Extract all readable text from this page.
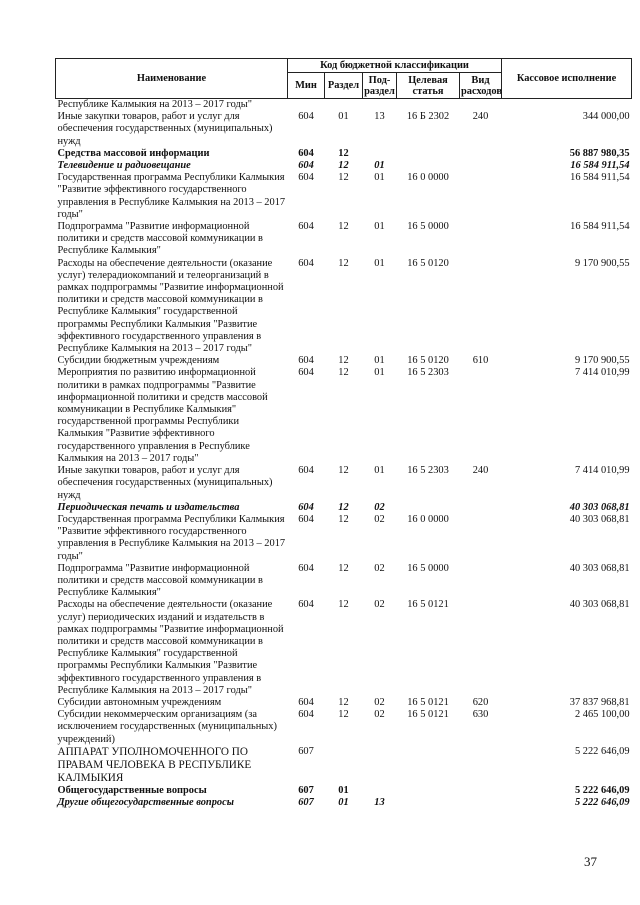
Наименование	Код бюджетной классификации					Кассовое исполнение
	Мин	Раздел	Под-раздел	Целевая статья	Вид расходов	
Республике Калмыкия на 2013 – 2017 годы"						
Иные закупки товаров, работ и услуг для обеспечения государственных (муниципальных) нужд	604	01	13	16 Б 2302	240	344 000,00
Средства массовой информации	604	12				56 887 980,35
Телевидение и радиовещание	604	12	01			16 584 911,54
Государственная программа Республики Калмыкия "Развитие эффективного государственного управления в Республике Калмыкия на 2013 – 2017 годы"	604	12	01	16 0 0000		16 584 911,54
Подпрограмма "Развитие информационной политики и средств массовой коммуникации в Республике Калмыкия"	604	12	01	16 5 0000		16 584 911,54
Расходы на обеспечение деятельности (оказание услуг) телерадиокомпаний и телеорганизаций в рамках подпрограммы "Развитие информационной политики и средств массовой коммуникации в Республике Калмыкия" государственной программы Республики Калмыкия "Развитие эффективного государственного управления в Республике Калмыкия на 2013 – 2017 годы"	604	12	01	16 5 0120		9 170 900,55
Субсидии бюджетным учреждениям	604	12	01	16 5 0120	610	9 170 900,55
Мероприятия по развитию информационной политики в рамках подпрограммы "Развитие информационной политики и средств массовой коммуникации в Республике Калмыкия" государственной программы Республики Калмыкия "Развитие эффективного государственного управления в Республике Калмыкия на 2013 – 2017 годы"	604	12	01	16 5 2303		7 414 010,99
Иные закупки товаров, работ и услуг для обеспечения государственных (муниципальных) нужд	604	12	01	16 5 2303	240	7 414 010,99
Периодическая печать и издательства	604	12	02			40 303 068,81
Государственная программа Республики Калмыкия "Развитие эффективного государственного управления в Республике Калмыкия на 2013 – 2017 годы"	604	12	02	16 0 0000		40 303 068,81
Подпрограмма "Развитие информационной политики и средств массовой коммуникации в Республике Калмыкия"	604	12	02	16 5 0000		40 303 068,81
Расходы на обеспечение деятельности (оказание услуг) периодических изданий и издательств в рамках подпрограммы "Развитие информационной политики и средств массовой коммуникации в Республике Калмыкия" государственной программы Республики Калмыкия "Развитие эффективного государственного управления в Республике Калмыкия на 2013 – 2017 годы"	604	12	02	16 5 0121		40 303 068,81
Субсидии автономным учреждениям	604	12	02	16 5 0121	620	37 837 968,81
Субсидии некоммерческим организациям (за исключением государственных (муниципальных) учреждений)	604	12	02	16 5 0121	630	2 465 100,00
АППАРАТ УПОЛНОМОЧЕННОГО ПО ПРАВАМ ЧЕЛОВЕКА В РЕСПУБЛИКЕ КАЛМЫКИЯ	607					5 222 646,09
Общегосударственные вопросы	607	01				5 222 646,09
Другие общегосударственные вопросы	607	01	13			5 222 646,09
37
